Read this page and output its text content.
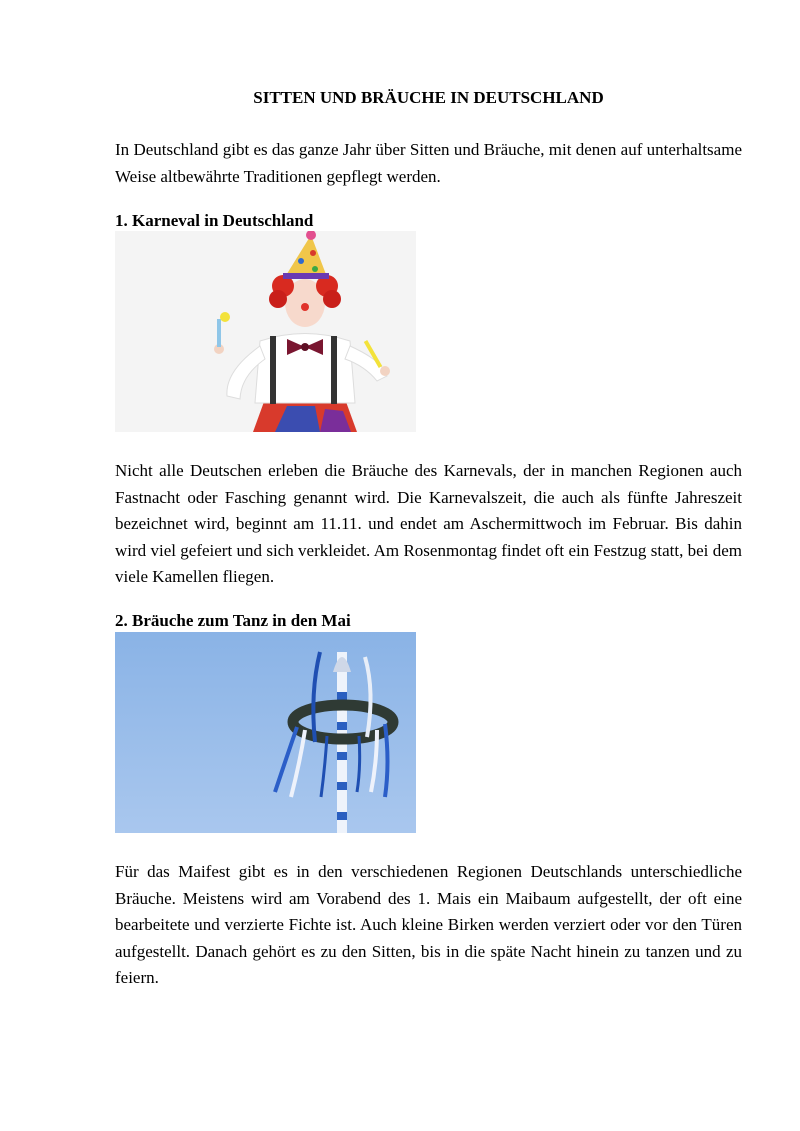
SITTEN UND BRÄUCHE IN DEUTSCHLAND

In Deutschland gibt es das ganze Jahr über Sitten und Bräuche, mit denen auf unterhaltsame Weise altbewährte Traditionen gepflegt werden.

1. Karneval in Deutschland

Nicht alle Deutschen erleben die Bräuche des Karnevals, der in manchen Regionen auch Fastnacht oder Fasching genannt wird. Die Karnevalszeit, die auch als fünfte Jahreszeit bezeichnet wird, beginnt am 11.11. und endet am Aschermittwoch im Februar. Bis dahin wird viel gefeiert und sich verkleidet. Am Rosenmontag findet oft ein Festzug statt, bei dem viele Kamellen fliegen.

2. Bräuche zum Tanz in den Mai

Für das Maifest gibt es in den verschiedenen Regionen Deutschlands unterschiedliche Bräuche. Meistens wird am Vorabend des 1. Mais ein Maibaum aufgestellt, der oft eine bearbeitete und verzierte Fichte ist. Auch kleine Birken werden verziert oder vor den Türen aufgestellt. Danach gehört es zu den Sitten, bis in die späte Nacht hinein zu tanzen und zu feiern.
